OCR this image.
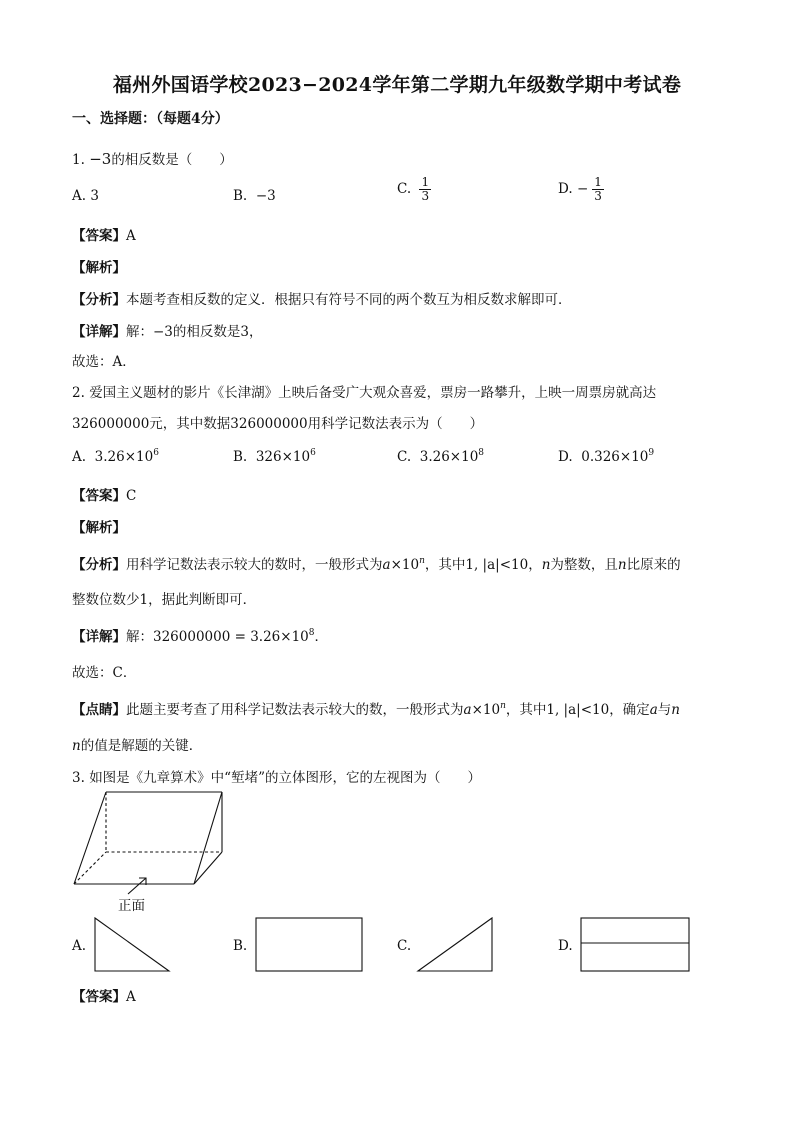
福州外国语学校2023−2024学年第二学期九年级数学期中考试卷
一、选择题：（每题4分）
1. −3的相反数是（　　）
A. 3	B. −3	C. $\frac{1}{3}$	D. − $\frac{1}{3}$
【答案】A
【解析】
【分析】本题考查相反数的定义．根据只有符号不同的两个数互为相反数求解即可．
【详解】解：−3的相反数是3，
故选：A．
2. 爱国主义题材的影片《长津湖》上映后备受广大观众喜爱，票房一路攀升，上映一周票房就高达
326000000元，其中数据326000000用科学记数法表示为（　　）
A. $3.26\times 10^6$	B. $326\times 10^6$	C. $3.26\times 10^8$	D. $0.326\times 10^9$
【答案】C
【解析】
【分析】用科学记数法表示较大的数时，一般形式为$a\times 10^n$，其中1, |a|<10，n为整数，且n比原来的
整数位数少1，据此判断即可．
【详解】解：$326000000 = 3.26\times 10^8$．
故选：C．
【点睛】此题主要考查了用科学记数法表示较大的数，一般形式为$a\times 10^n$，其中1, |a|<10，确定a与n
n的值是解题的关键．
3. 如图是《九章算术》中“堑堵”的立体图形，它的左视图为（　　）
正面
A.	B.	C.	D.
【答案】A
